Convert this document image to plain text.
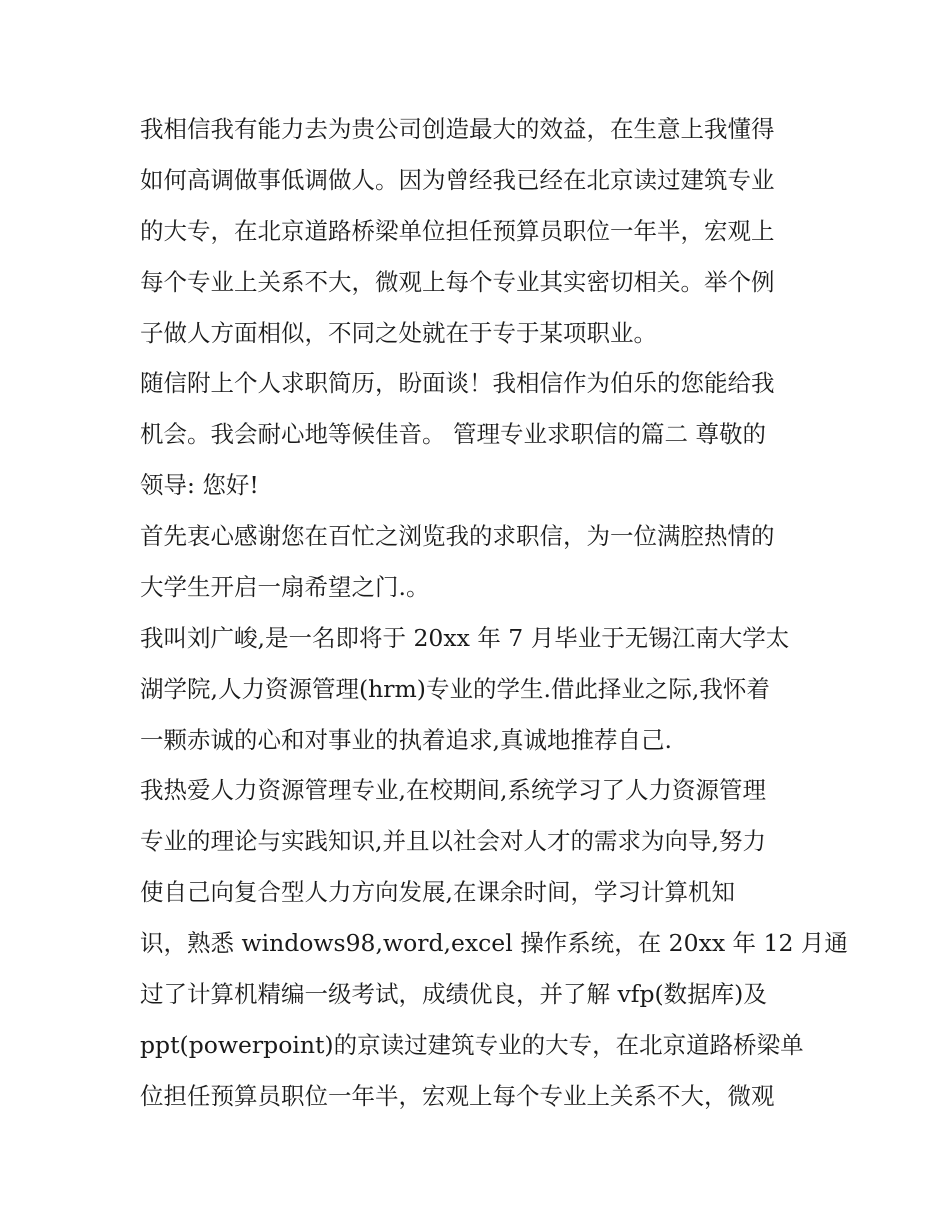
我相信我有能力去为贵公司创造最大的效益，在生意上我懂得
如何高调做事低调做人。因为曾经我已经在北京读过建筑专业
的大专，在北京道路桥梁单位担任预算员职位一年半，宏观上
每个专业上关系不大，微观上每个专业其实密切相关。举个例
子做人方面相似，不同之处就在于专于某项职业。
随信附上个人求职简历，盼面谈！我相信作为伯乐的您能给我
机会。我会耐心地等候佳音。 管理专业求职信的篇二 尊敬的
领导: 您好!
首先衷心感谢您在百忙之浏览我的求职信，为一位满腔热情的
大学生开启一扇希望之门.。
我叫刘广峻,是一名即将于 20xx 年 7 月毕业于无锡江南大学太
湖学院,人力资源管理(hrm)专业的学生.借此择业之际,我怀着
一颗赤诚的心和对事业的执着追求,真诚地推荐自己.
我热爱人力资源管理专业,在校期间,系统学习了人力资源管理
专业的理论与实践知识,并且以社会对人才的需求为向导,努力
使自己向复合型人力方向发展,在课余时间，学习计算机知
识，熟悉 windows98,word,excel 操作系统，在 20xx 年 12 月通
过了计算机精编一级考试，成绩优良，并了解 vfp(数据库)及
ppt(powerpoint)的京读过建筑专业的大专，在北京道路桥梁单
位担任预算员职位一年半，宏观上每个专业上关系不大，微观
